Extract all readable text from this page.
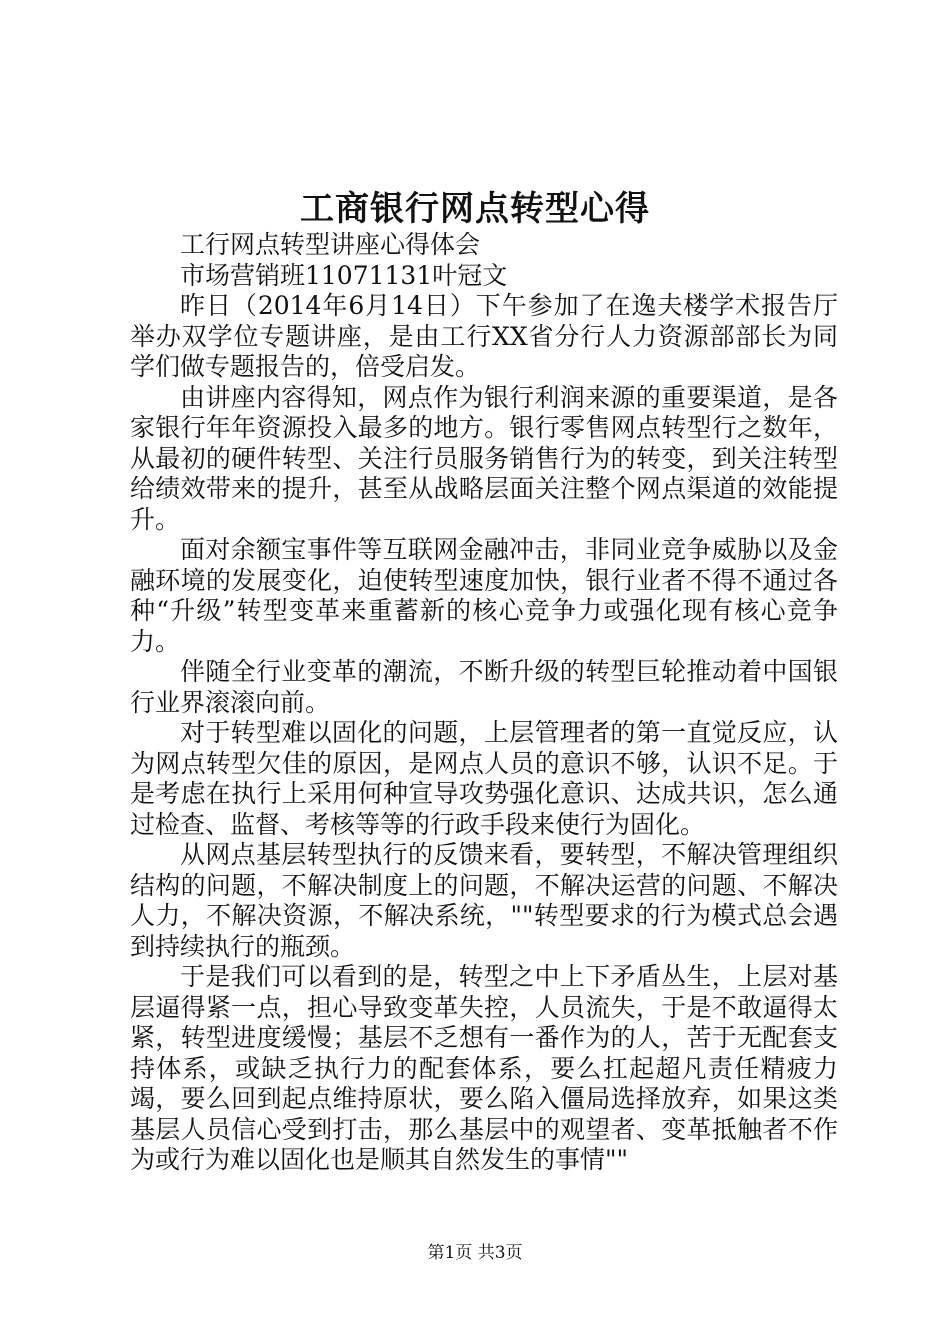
工商银行网点转型心得

工行网点转型讲座心得体会

市场营销班11071131叶冠文

昨日（2014年6月14日）下午参加了在逸夫楼学术报告厅举办双学位专题讲座，是由工行XX省分行人力资源部部长为同学们做专题报告的，倍受启发。

由讲座内容得知，网点作为银行利润来源的重要渠道，是各家银行年年资源投入最多的地方。银行零售网点转型行之数年，从最初的硬件转型、关注行员服务销售行为的转变，到关注转型给绩效带来的提升，甚至从战略层面关注整个网点渠道的效能提升。

面对余额宝事件等互联网金融冲击，非同业竞争威胁以及金融环境的发展变化，迫使转型速度加快，银行业者不得不通过各种“升级”转型变革来重蓄新的核心竞争力或强化现有核心竞争力。

伴随全行业变革的潮流，不断升级的转型巨轮推动着中国银行业界滚滚向前。

对于转型难以固化的问题，上层管理者的第一直觉反应，认为网点转型欠佳的原因，是网点人员的意识不够，认识不足。于是考虑在执行上采用何种宣导攻势强化意识、达成共识，怎么通过检查、监督、考核等等的行政手段来使行为固化。

从网点基层转型执行的反馈来看，要转型，不解决管理组织结构的问题，不解决制度上的问题，不解决运营的问题、不解决人力，不解决资源，不解决系统，""转型要求的行为模式总会遇到持续执行的瓶颈。

于是我们可以看到的是，转型之中上下矛盾丛生，上层对基层逼得紧一点，担心导致变革失控，人员流失，于是不敢逼得太紧，转型进度缓慢；基层不乏想有一番作为的人，苦于无配套支持体系，或缺乏执行力的配套体系，要么扛起超凡责任精疲力竭，要么回到起点维持原状，要么陷入僵局选择放弃，如果这类基层人员信心受到打击，那么基层中的观望者、变革抵触者不作为或行为难以固化也是顺其自然发生的事情""

第1页 共3页
